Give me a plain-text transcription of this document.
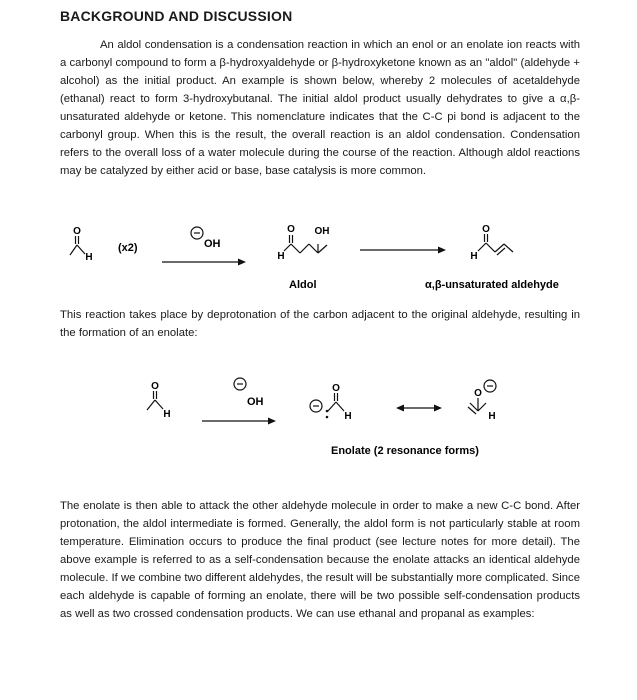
BACKGROUND AND DISCUSSION

An aldol condensation is a condensation reaction in which an enol or an enolate ion reacts with a carbonyl compound to form a β-hydroxyaldehyde or β-hydroxyketone known as an "aldol" (aldehyde + alcohol) as the initial product. An example is shown below, whereby 2 molecules of acetaldehyde (ethanal) react to form 3-hydroxybutanal. The initial aldol product usually dehydrates to give a α,β-unsaturated aldehyde or ketone. This nomenclature indicates that the C-C pi bond is adjacent to the carbonyl group. When this is the result, the overall reaction is an aldol condensation. Condensation refers to the overall loss of a water molecule during the course of the reaction. Although aldol reactions may be catalyzed by either acid or base, base catalysis is more common.

O
H
(x2)	OH
O
H
OH	O
H
Aldol	α,β-unsaturated aldehyde

This reaction takes place by deprotonation of the carbon adjacent to the original aldehyde, resulting in the formation of an enolate:

O
H
OH
O
H
O
H
Enolate (2 resonance forms)

The enolate is then able to attack the other aldehyde molecule in order to make a new C-C bond. After protonation, the aldol intermediate is formed. Generally, the aldol form is not particularly stable at room temperature. Elimination occurs to produce the final product (see lecture notes for more detail). The above example is referred to as a self-condensation because the enolate attacks an identical aldehyde molecule. If we combine two different aldehydes, the result will be substantially more complicated. Since each aldehyde is capable of forming an enolate, there will be two possible self-condensation products as well as two crossed condensation products. We can use ethanal and propanal as examples:
